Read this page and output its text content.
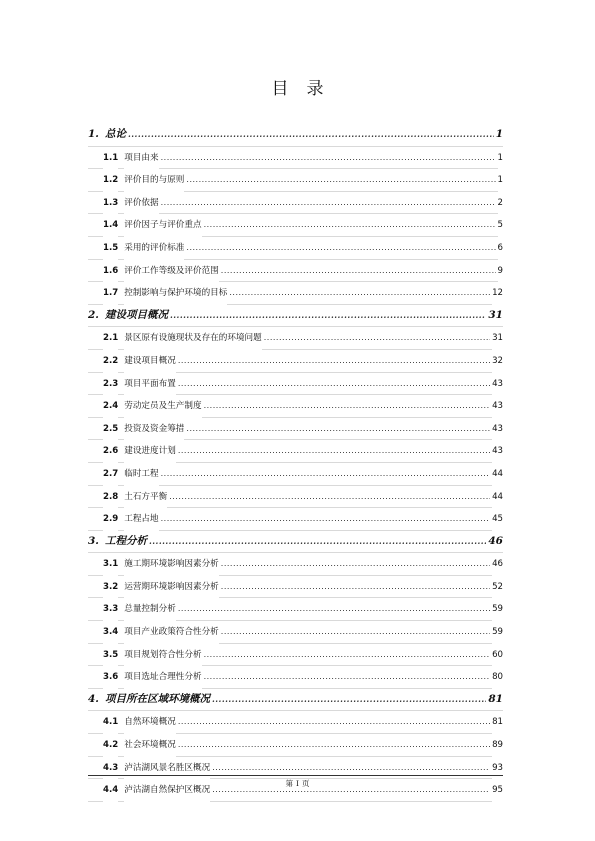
目 录
1. 总论 .....	1
1.1 项目由来 .....	1
1.2 评价目的与原则 .....	1
1.3 评价依据 .....	2
1.4 评价因子与评价重点 .....	5
1.5 采用的评价标准 .....	6
1.6 评价工作等级及评价范围 .....	9
1.7 控制影响与保护环境的目标 .....	12
2. 建设项目概况 .....	31
2.1 景区原有设施现状及存在的环境问题 .....	31
2.2 建设项目概况 .....	32
2.3 项目平面布置 .....	43
2.4 劳动定员及生产制度 .....	43
2.5 投资及资金筹措 .....	43
2.6 建设进度计划 .....	43
2.7 临时工程 .....	44
2.8 土石方平衡 .....	44
2.9 工程占地 .....	45
3. 工程分析 .....	46
3.1 施工期环境影响因素分析 .....	46
3.2 运营期环境影响因素分析 .....	52
3.3 总量控制分析 .....	59
3.4 项目产业政策符合性分析 .....	59
3.5 项目规划符合性分析 .....	60
3.6 项目选址合理性分析 .....	80
4. 项目所在区域环境概况 .....	81
4.1 自然环境概况 .....	81
4.2 社会环境概况 .....	89
4.3 泸沽湖风景名胜区概况 .....	93
4.4 泸沽湖自然保护区概况 .....	95
第 I 页
